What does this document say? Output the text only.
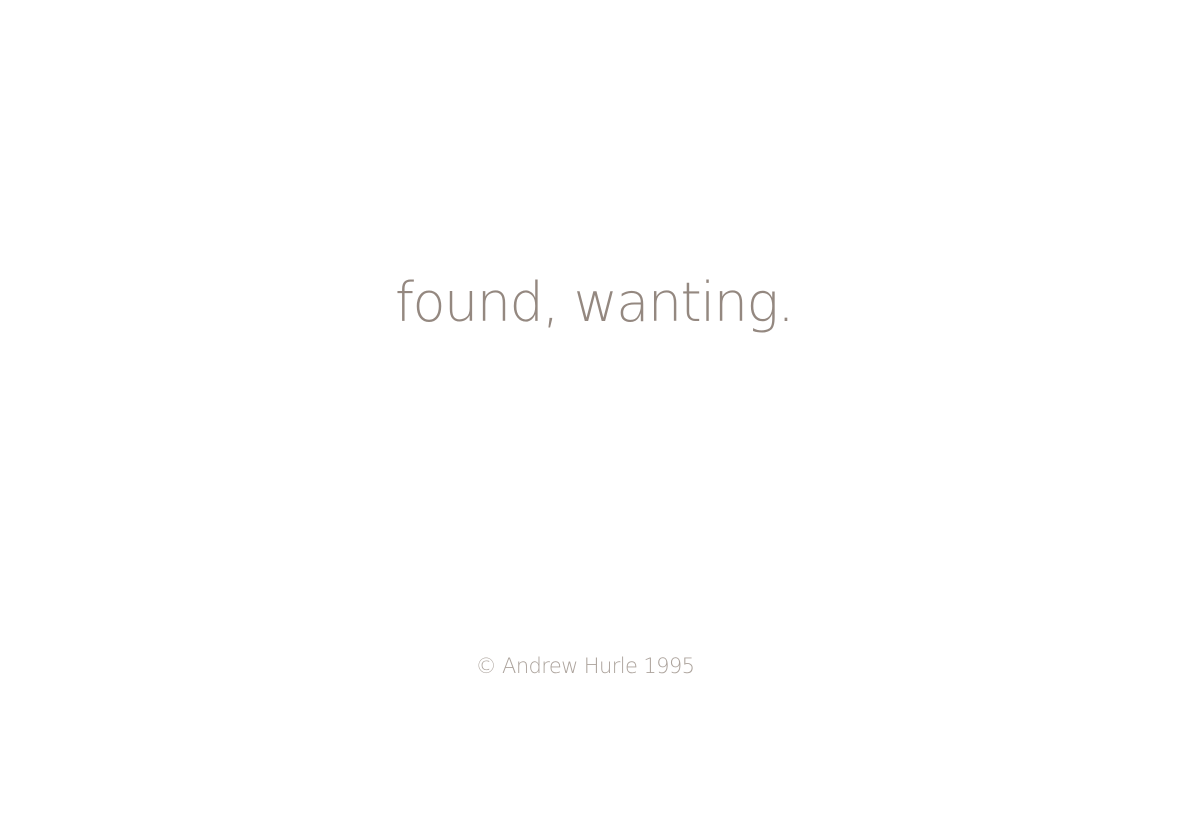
found, wanting.
© Andrew Hurle 1995
